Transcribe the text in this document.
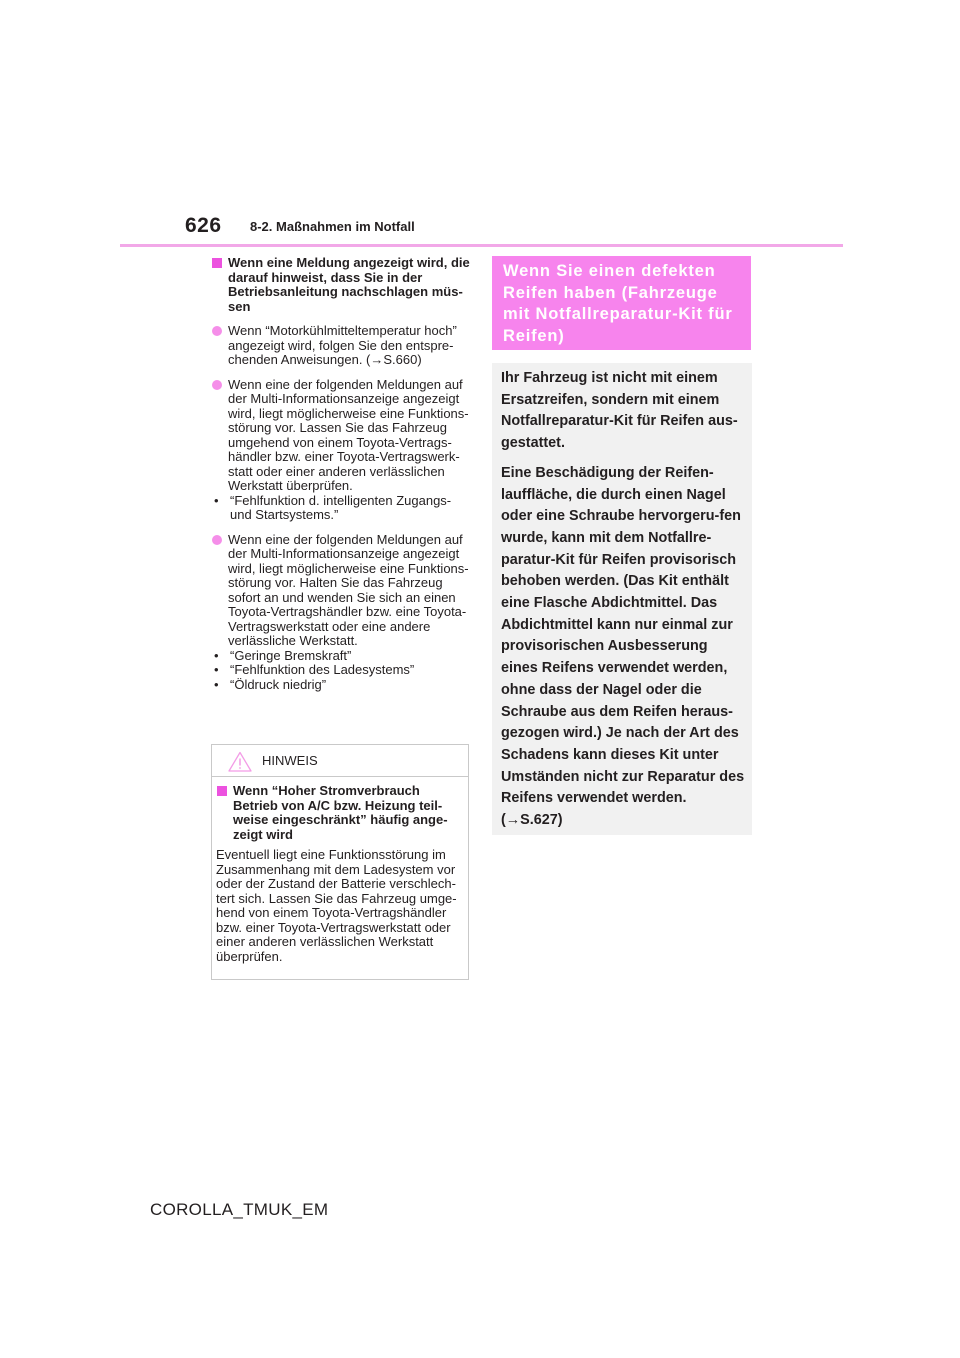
626 8-2. Maßnahmen im Notfall
Wenn eine Meldung angezeigt wird, die darauf hinweist, dass Sie in der Betriebsanleitung nachschlagen müs-sen
Wenn “Motorkühlmitteltemperatur hoch” angezeigt wird, folgen Sie den entspre-chenden Anweisungen. (→S.660)
Wenn eine der folgenden Meldungen auf der Multi-Informationsanzeige angezeigt wird, liegt möglicherweise eine Funktions-störung vor. Lassen Sie das Fahrzeug umgehend von einem Toyota-Vertrags-händler bzw. einer Toyota-Vertragswerk-statt oder einer anderen verlässlichen Werkstatt überprüfen.
• “Fehlfunktion d. intelligenten Zugangs- und Startsystems.”
Wenn eine der folgenden Meldungen auf der Multi-Informationsanzeige angezeigt wird, liegt möglicherweise eine Funktions-störung vor. Halten Sie das Fahrzeug sofort an und wenden Sie sich an einen Toyota-Vertragshändler bzw. eine Toyota-Vertragswerkstatt oder eine andere verlässliche Werkstatt.
• “Geringe Bremskraft”
• “Fehlfunktion des Ladesystems”
• “Öldruck niedrig”
HINWEIS
Wenn “Hoher Stromverbrauch Betrieb von A/C bzw. Heizung teil-weise eingeschränkt” häufig ange-zeigt wird
Eventuell liegt eine Funktionsstörung im Zusammenhang mit dem Ladesystem vor oder der Zustand der Batterie verschlech-tert sich. Lassen Sie das Fahrzeug umge-hend von einem Toyota-Vertragshändler bzw. einer Toyota-Vertragswerkstatt oder einer anderen verlässlichen Werkstatt überprüfen.
Wenn Sie einen defekten Reifen haben (Fahrzeuge mit Notfallreparatur-Kit für Reifen)

Ihr Fahrzeug ist nicht mit einem Ersatzreifen, sondern mit einem Notfallreparatur-Kit für Reifen aus-gestattet.

Eine Beschädigung der Reifen-lauffläche, die durch einen Nagel oder eine Schraube hervorgeru-fen wurde, kann mit dem Notfallre-paratur-Kit für Reifen provisorisch behoben werden. (Das Kit enthält eine Flasche Abdichtmittel. Das Abdichtmittel kann nur einmal zur provisorischen Ausbesserung eines Reifens verwendet werden, ohne dass der Nagel oder die Schraube aus dem Reifen heraus-gezogen wird.) Je nach der Art des Schadens kann dieses Kit unter Umständen nicht zur Reparatur des Reifens verwendet werden. (→S.627)

COROLLA_TMUK_EM
